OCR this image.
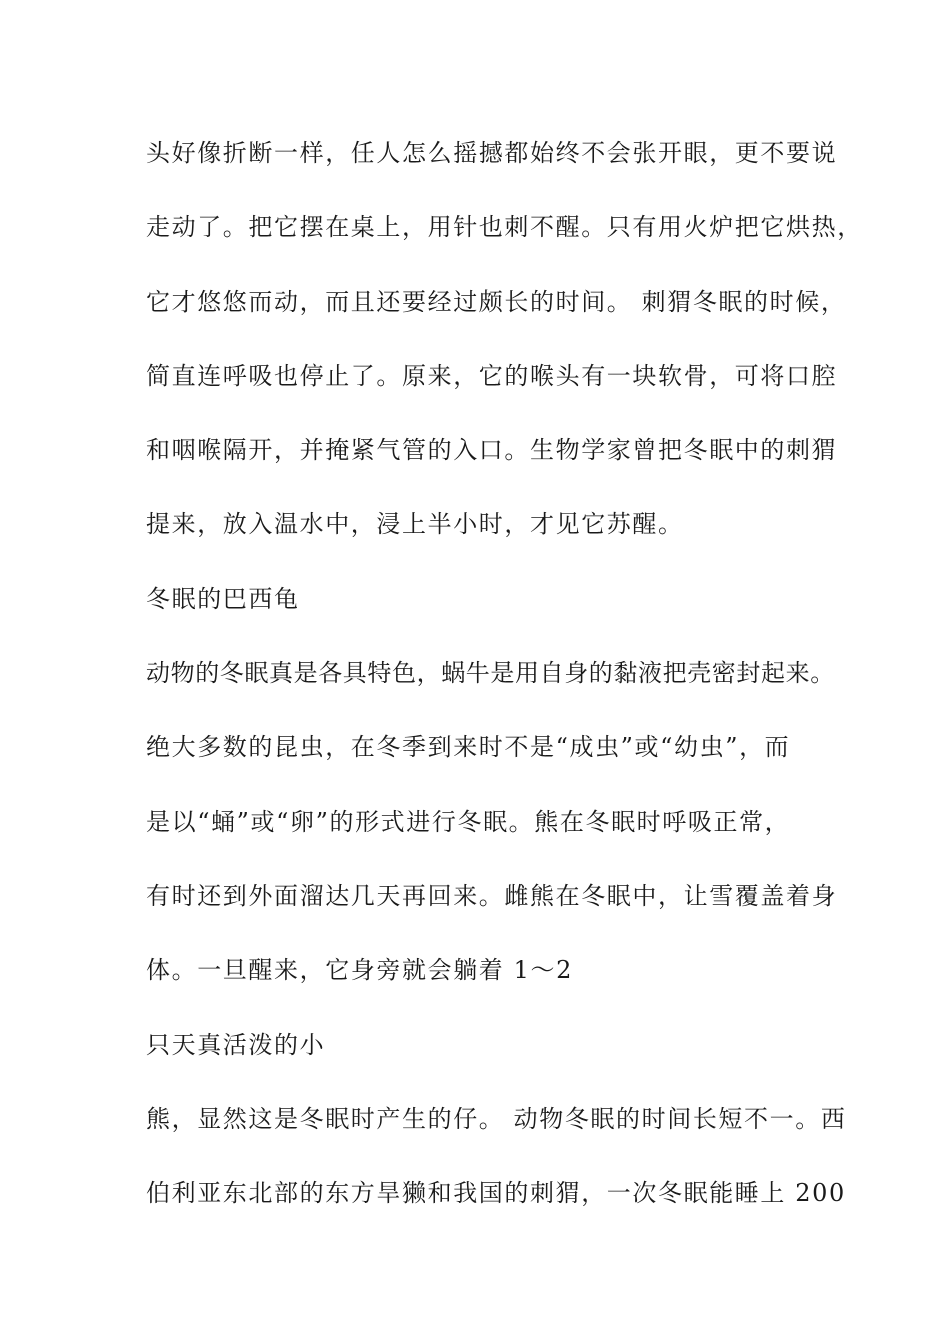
头好像折断一样，任人怎么摇撼都始终不会张开眼，更不要说
走动了。把它摆在桌上，用针也刺不醒。只有用火炉把它烘热，
它才悠悠而动，而且还要经过颇长的时间。 刺猬冬眠的时候，
简直连呼吸也停止了。原来，它的喉头有一块软骨，可将口腔
和咽喉隔开，并掩紧气管的入口。生物学家曾把冬眠中的刺猬
提来，放入温水中，浸上半小时，才见它苏醒。
冬眠的巴西龟
动物的冬眠真是各具特色，蜗牛是用自身的黏液把壳密封起来。
绝大多数的昆虫，在冬季到来时不是“成虫”或“幼虫”，而
是以“蛹”或“卵”的形式进行冬眠。熊在冬眠时呼吸正常，
有时还到外面溜达几天再回来。雌熊在冬眠中，让雪覆盖着身
体。一旦醒来，它身旁就会躺着 1～2
只天真活泼的小
熊，显然这是冬眠时产生的仔。 动物冬眠的时间长短不一。西
伯利亚东北部的东方旱獭和我国的刺猬，一次冬眠能睡上 200
